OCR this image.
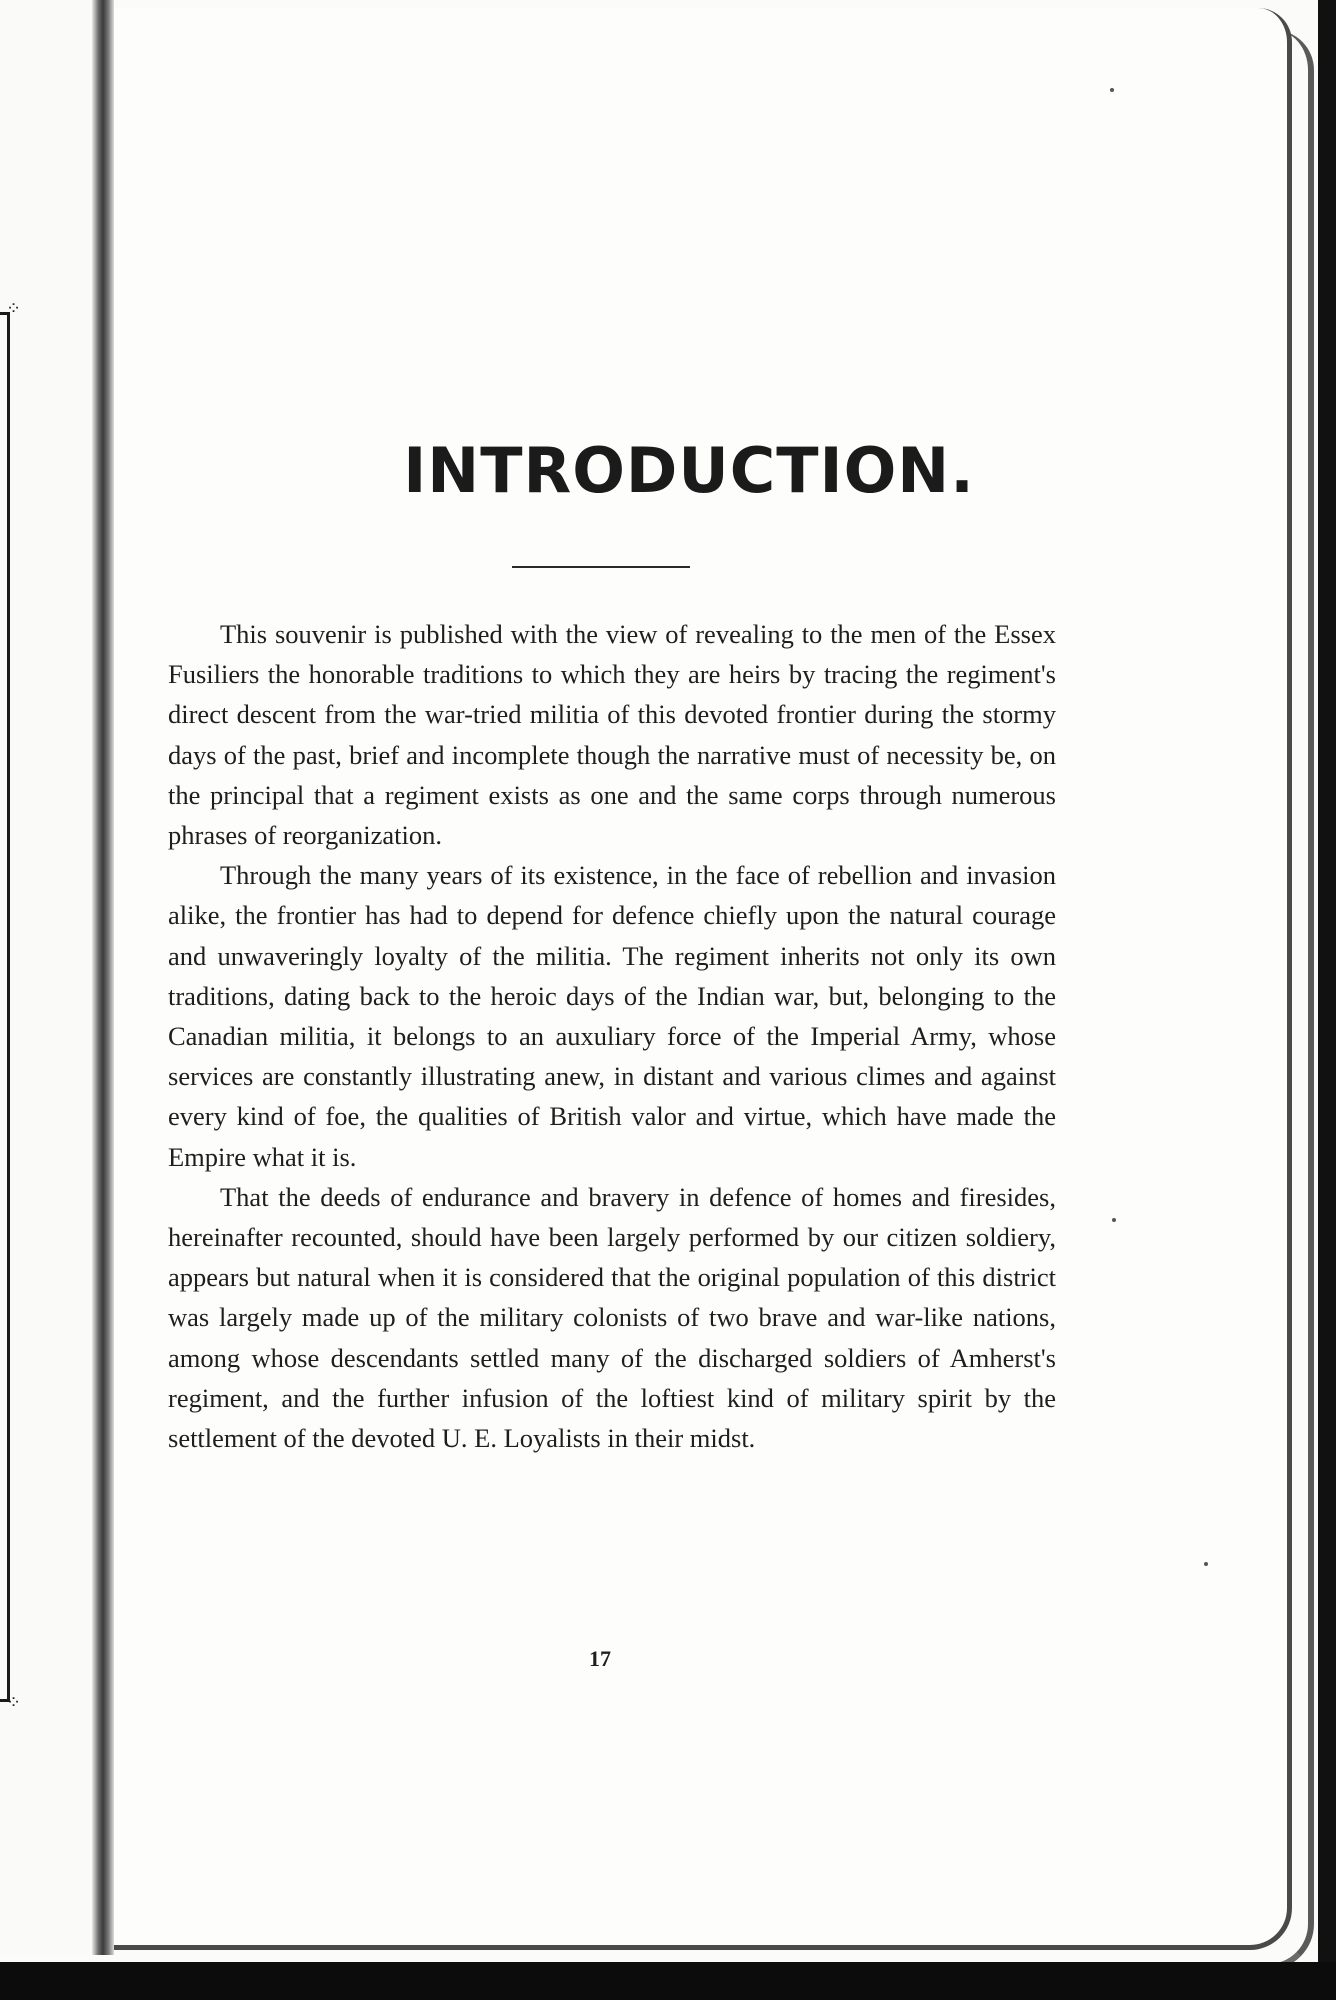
⁘
⁘
INTRODUCTION.

This souvenir is published with the view of revealing to the men of the Essex Fusiliers the honorable traditions to which they are heirs by tracing the regiment's direct descent from the war-tried militia of this devoted frontier during the stormy days of the past, brief and incomplete though the narrative must of necessity be, on the principal that a regiment exists as one and the same corps through numerous phrases of reorganization.

Through the many years of its existence, in the face of rebellion and invasion alike, the frontier has had to depend for defence chiefly upon the natural courage and unwaveringly loyalty of the militia. The regiment inherits not only its own traditions, dating back to the heroic days of the Indian war, but, belonging to the Canadian militia, it belongs to an auxuliary force of the Imperial Army, whose services are constantly illustrating anew, in distant and various climes and against every kind of foe, the qualities of British valor and virtue, which have made the Empire what it is.

That the deeds of endurance and bravery in defence of homes and firesides, hereinafter recounted, should have been largely performed by our citizen soldiery, appears but natural when it is considered that the original population of this district was largely made up of the military colonists of two brave and war-like nations, among whose descendants settled many of the discharged soldiers of Amherst's regiment, and the further infusion of the loftiest kind of military spirit by the settlement of the devoted U. E. Loyalists in their midst.

17
